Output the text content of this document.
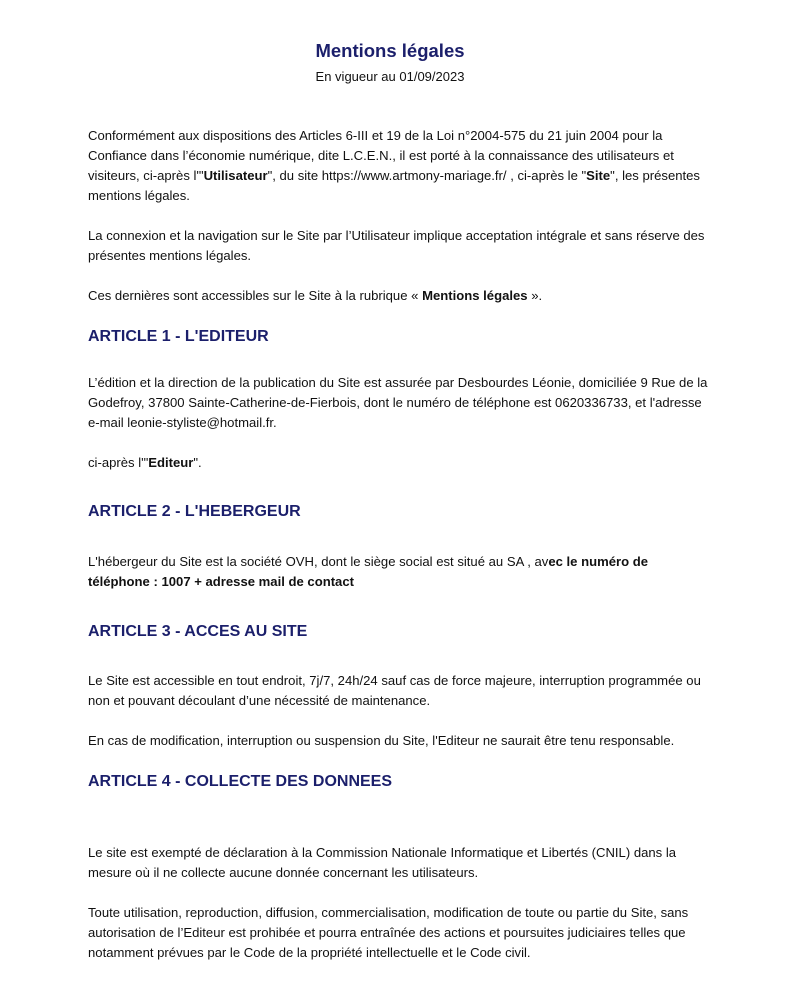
Mentions légales

En vigueur au 01/09/2023

Conformément aux dispositions des Articles 6-III et 19 de la Loi n°2004-575 du 21 juin 2004 pour la Confiance dans l’économie numérique, dite L.C.E.N., il est porté à la connaissance des utilisateurs et visiteurs, ci-après l'"Utilisateur", du site https://www.artmony-mariage.fr/ , ci-après le "Site", les présentes mentions légales.

La connexion et la navigation sur le Site par l’Utilisateur implique acceptation intégrale et sans réserve des présentes mentions légales.

Ces dernières sont accessibles sur le Site à la rubrique « Mentions légales ».

ARTICLE 1 - L'EDITEUR

L’édition et la direction de la publication du Site est assurée par Desbourdes Léonie, domiciliée 9 Rue de la Godefroy, 37800 Sainte-Catherine-de-Fierbois, dont le numéro de téléphone est 0620336733, et l'adresse e-mail leonie-styliste@hotmail.fr.

ci-après l'"Editeur".

ARTICLE 2 - L'HEBERGEUR

L'hébergeur du Site est la société OVH, dont le siège social est situé au SA , avec le numéro de téléphone : 1007 + adresse mail de contact

ARTICLE 3 - ACCES AU SITE

Le Site est accessible en tout endroit, 7j/7, 24h/24 sauf cas de force majeure, interruption programmée ou non et pouvant découlant d’une nécessité de maintenance.

En cas de modification, interruption ou suspension du Site, l'Editeur ne saurait être tenu responsable.

ARTICLE 4 - COLLECTE DES DONNEES

Le site est exempté de déclaration à la Commission Nationale Informatique et Libertés (CNIL) dans la mesure où il ne collecte aucune donnée concernant les utilisateurs.

Toute utilisation, reproduction, diffusion, commercialisation, modification de toute ou partie du Site, sans autorisation de l’Editeur est prohibée et pourra entraînée des actions et poursuites judiciaires telles que notamment prévues par le Code de la propriété intellectuelle et le Code civil.
